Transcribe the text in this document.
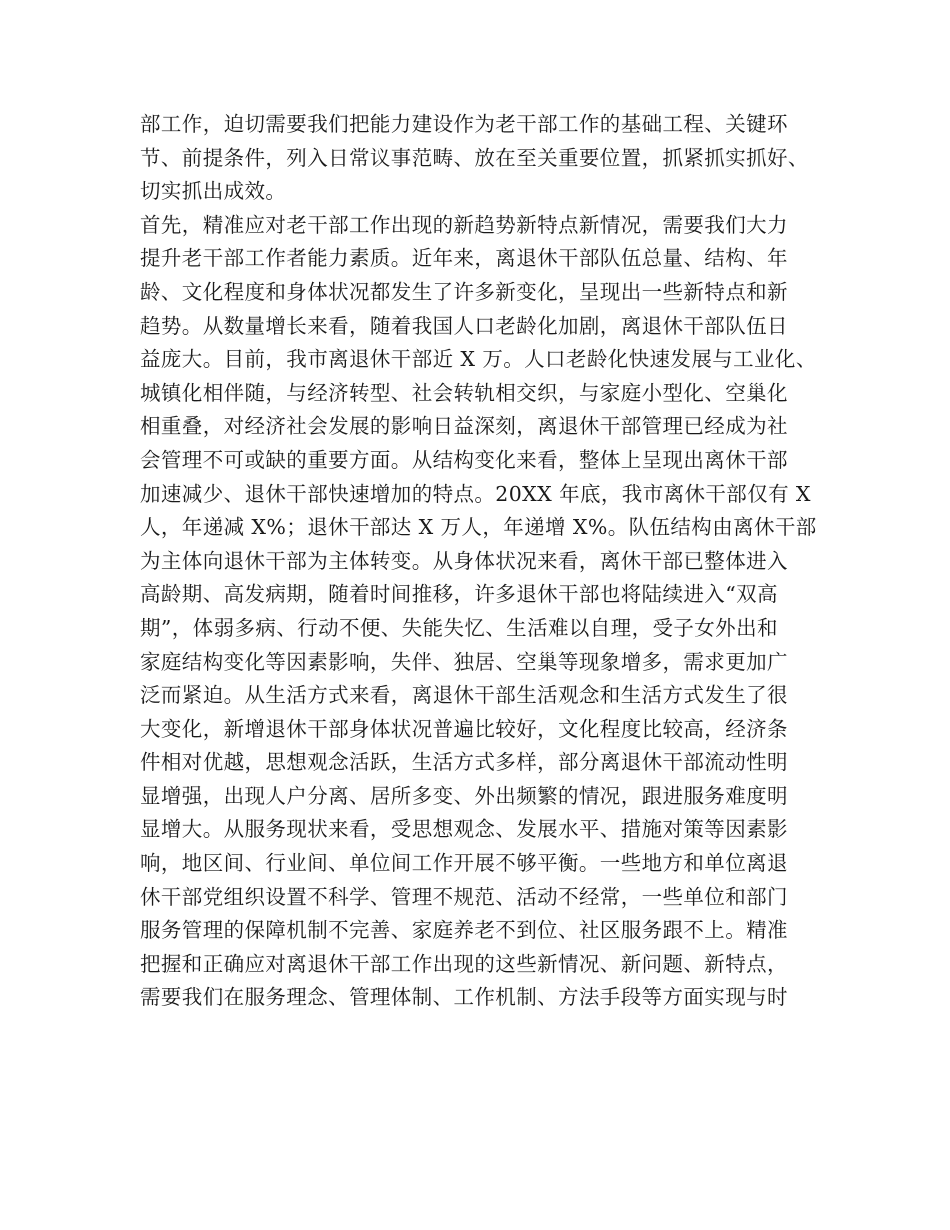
部工作，迫切需要我们把能力建设作为老干部工作的基础工程、关键环
节、前提条件，列入日常议事范畴、放在至关重要位置，抓紧抓实抓好、
切实抓出成效。
首先，精准应对老干部工作出现的新趋势新特点新情况，需要我们大力
提升老干部工作者能力素质。近年来，离退休干部队伍总量、结构、年
龄、文化程度和身体状况都发生了许多新变化，呈现出一些新特点和新
趋势。从数量增长来看，随着我国人口老龄化加剧，离退休干部队伍日
益庞大。目前，我市离退休干部近 X 万。人口老龄化快速发展与工业化、
城镇化相伴随，与经济转型、社会转轨相交织，与家庭小型化、空巢化
相重叠，对经济社会发展的影响日益深刻，离退休干部管理已经成为社
会管理不可或缺的重要方面。从结构变化来看，整体上呈现出离休干部
加速减少、退休干部快速增加的特点。20XX 年底，我市离休干部仅有 X
人，年递减 X%；退休干部达 X 万人，年递增 X%。队伍结构由离休干部
为主体向退休干部为主体转变。从身体状况来看，离休干部已整体进入
高龄期、高发病期，随着时间推移，许多退休干部也将陆续进入“双高
期”，体弱多病、行动不便、失能失忆、生活难以自理，受子女外出和
家庭结构变化等因素影响，失伴、独居、空巢等现象增多，需求更加广
泛而紧迫。从生活方式来看，离退休干部生活观念和生活方式发生了很
大变化，新增退休干部身体状况普遍比较好，文化程度比较高，经济条
件相对优越，思想观念活跃，生活方式多样，部分离退休干部流动性明
显增强，出现人户分离、居所多变、外出频繁的情况，跟进服务难度明
显增大。从服务现状来看，受思想观念、发展水平、措施对策等因素影
响，地区间、行业间、单位间工作开展不够平衡。一些地方和单位离退
休干部党组织设置不科学、管理不规范、活动不经常，一些单位和部门
服务管理的保障机制不完善、家庭养老不到位、社区服务跟不上。精准
把握和正确应对离退休干部工作出现的这些新情况、新问题、新特点，
需要我们在服务理念、管理体制、工作机制、方法手段等方面实现与时
